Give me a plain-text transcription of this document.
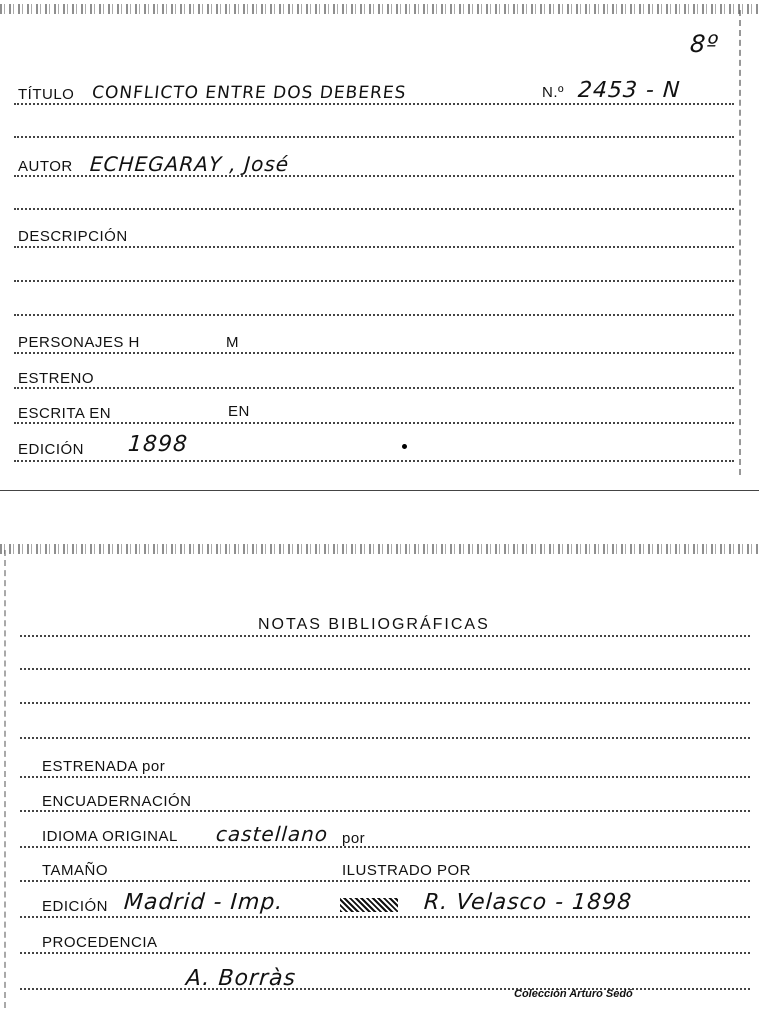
8º
TÍTULO CONFLICTO ENTRE DOS DEBERES	N.º 2453 - N
AUTOR ECHEGARAY , José
DESCRIPCIÓN
PERSONAJES H	M
ESTRENO
ESCRITA EN	EN
EDICIÓN 1898
NOTAS BIBLIOGRÁFICAS
ESTRENADA por
ENCUADERNACIÓN
IDIOMA ORIGINAL castellano por
TAMAÑO	ILUSTRADO POR
EDICIÓN Madrid - Imp.	R. Velasco - 1898
PROCEDENCIA
A. Borràs
Colección Arturo Sedó
